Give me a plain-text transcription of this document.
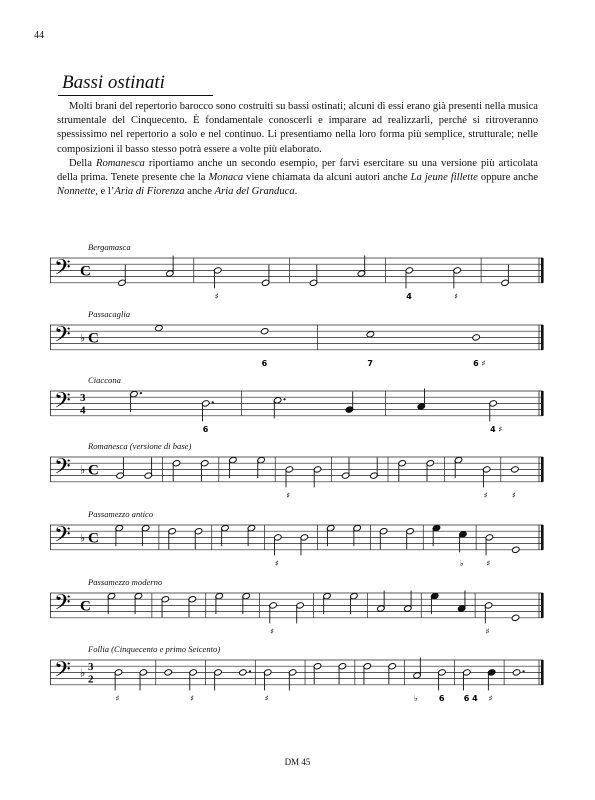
44
Bassi ostinati

Molti brani del repertorio barocco sono costruiti su bassi ostinati; alcuni di essi erano già presenti nella musica strumentale del Cinquecento. È fondamentale conoscerli e imparare ad realizzarli, perché si ritroveranno spessissimo nel repertorio a solo e nel continuo. Li presentiamo nella loro forma più semplice, strutturale; nelle composizioni il basso stesso potrà essere a volte più elaborato.

Della Romanesca riportiamo anche un secondo esempio, per farvi esercitare su una versione più articolata della prima. Tenete presente che la Monaca viene chiamata da alcuni autori anche La jeune fillette oppure anche Nonnette, e l’Aria di Fiorenza anche Aria del Granduca.

Bergamasca
𝄢 C
♯	4	♯
Passacaglia
𝄢 ♭ C
6	7	6 ♯
Ciaccona
𝄢 3
4
6	4 ♯
Romanesca (versione di base)
𝄢 ♭ C
♯	♯	♯
Passamezzo antico
𝄢 ♭ C
♯	♭	♯
Passamezzo moderno
𝄢 C
♯	♯
Follia (Cinquecento e primo Seicento)
𝄢 ♭ 3
2
♯	♯	♯	♭	6 6 4 ♯
DM 45
